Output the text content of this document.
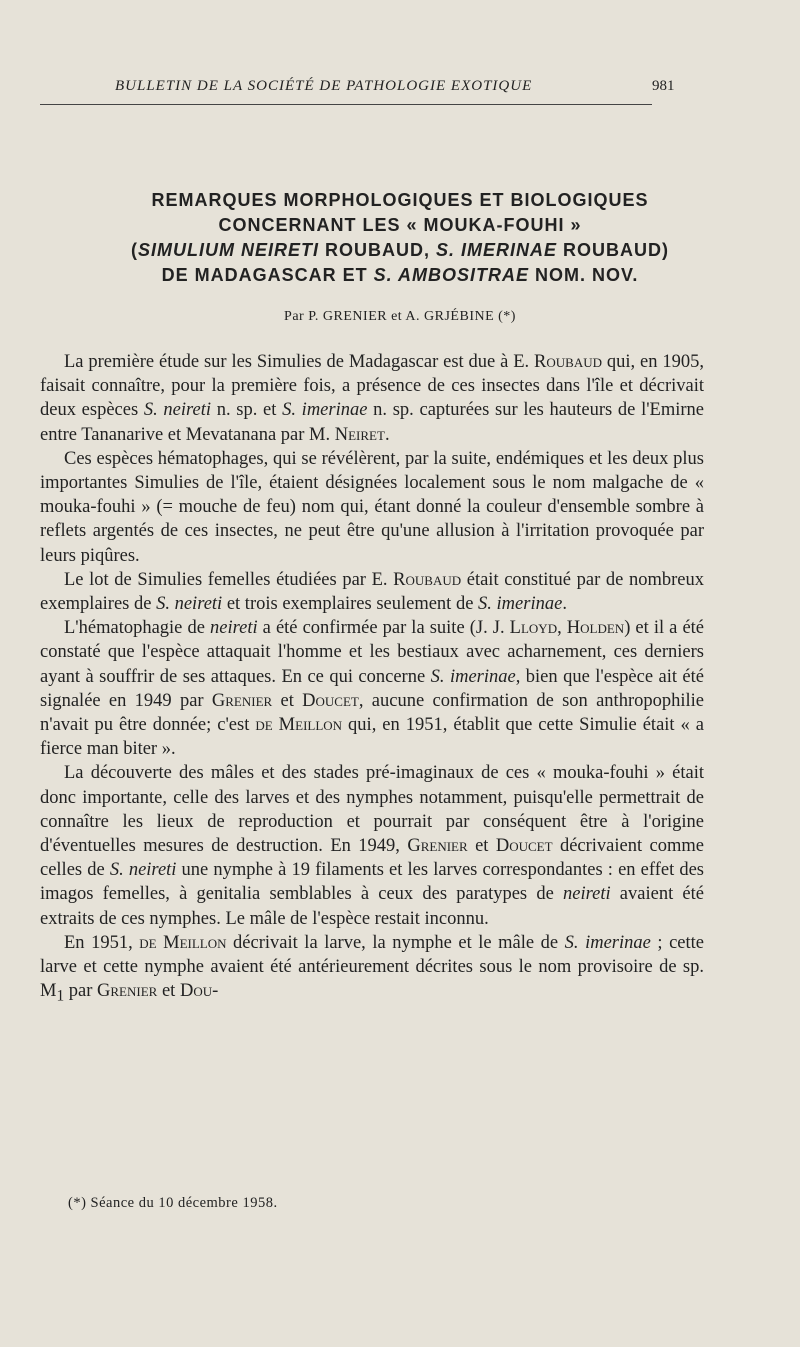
BULLETIN DE LA SOCIÉTÉ DE PATHOLOGIE EXOTIQUE	981
REMARQUES MORPHOLOGIQUES ET BIOLOGIQUES
CONCERNANT LES « MOUKA-FOUHI »
(SIMULIUM NEIRETI ROUBAUD, S. IMERINAE ROUBAUD)
DE MADAGASCAR ET S. AMBOSITRAE NOM. NOV.
Par P. GRENIER et A. GRJÉBINE (*)

La première étude sur les Simulies de Madagascar est due à E. Roubaud qui, en 1905, faisait connaître, pour la première fois, a présence de ces insectes dans l'île et décrivait deux espèces S. neireti n. sp. et S. imerinae n. sp. capturées sur les hauteurs de l'Emirne entre Tananarive et Mevatanana par M. Neiret.

Ces espèces hématophages, qui se révélèrent, par la suite, endémiques et les deux plus importantes Simulies de l'île, étaient désignées localement sous le nom malgache de « mouka-fouhi » (= mouche de feu) nom qui, étant donné la couleur d'ensemble sombre à reflets argentés de ces insectes, ne peut être qu'une allusion à l'irritation provoquée par leurs piqûres.

Le lot de Simulies femelles étudiées par E. Roubaud était constitué par de nombreux exemplaires de S. neireti et trois exemplaires seulement de S. imerinae.

L'hématophagie de neireti a été confirmée par la suite (J. J. Lloyd, Holden) et il a été constaté que l'espèce attaquait l'homme et les bestiaux avec acharnement, ces derniers ayant à souffrir de ses attaques. En ce qui concerne S. imerinae, bien que l'espèce ait été signalée en 1949 par Grenier et Doucet, aucune confirmation de son anthropophilie n'avait pu être donnée; c'est de Meillon qui, en 1951, établit que cette Simulie était « a fierce man biter ».

La découverte des mâles et des stades pré-imaginaux de ces « mouka-fouhi » était donc importante, celle des larves et des nymphes notamment, puisqu'elle permettrait de connaître les lieux de reproduction et pourrait par conséquent être à l'origine d'éventuelles mesures de destruction. En 1949, Grenier et Doucet décrivaient comme celles de S. neireti une nymphe à 19 filaments et les larves correspondantes : en effet des imagos femelles, à genitalia semblables à ceux des paratypes de neireti avaient été extraits de ces nymphes. Le mâle de l'espèce restait inconnu.

En 1951, de Meillon décrivait la larve, la nymphe et le mâle de S. imerinae ; cette larve et cette nymphe avaient été antérieurement décrites sous le nom provisoire de sp. $M_1$ par Grenier et Dou-

(*) Séance du 10 décembre 1958.
